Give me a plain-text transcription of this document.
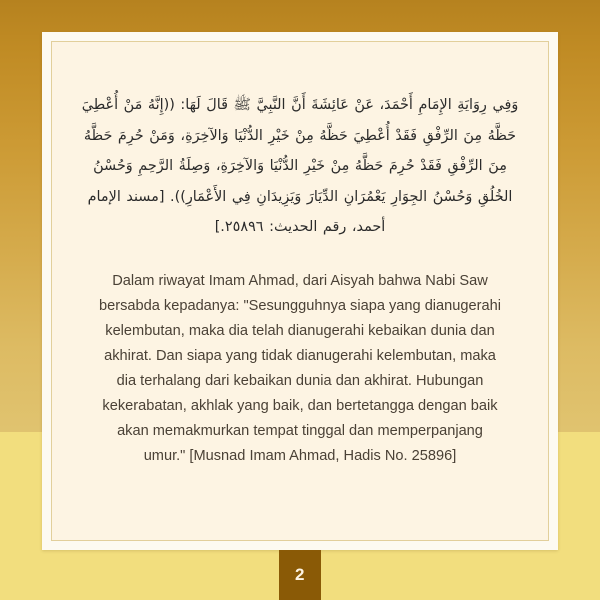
وَفِي رِوَايَةِ الإِمَامِ أَحْمَدَ، عَنْ عَائِشَةَ أَنَّ النَّبِيَّ ﷺ قَالَ لَهَا: ((إِنَّهُ مَنْ أُعْطِيَ
حَظَّهُ مِنَ الرِّفْقِ فَقَدْ أُعْطِيَ حَظَّهُ مِنْ خَيْرِ الدُّنْيَا وَالآخِرَةِ، وَمَنْ حُرِمَ حَظَّهُ
مِنَ الرِّفْقِ فَقَدْ حُرِمَ حَظَّهُ مِنْ خَيْرِ الدُّنْيَا وَالآخِرَةِ، وَصِلَةُ الرَّحِمِ وَحُسْنُ
الخُلُقِ وَحُسْنُ الجِوَارِ يَعْمُرَانِ الدِّيَارَ وَيَزِيدَانِ فِي الأَعْمَارِ)). [مسند الإمام
أحمد، رقم الحديث: ٢٥٨٩٦.]
Dalam riwayat Imam Ahmad, dari Aisyah bahwa Nabi Saw
bersabda kepadanya: "Sesungguhnya siapa yang dianugerahi
kelembutan, maka dia telah dianugerahi kebaikan dunia dan
akhirat. Dan siapa yang tidak dianugerahi kelembutan, maka
dia terhalang dari kebaikan dunia dan akhirat. Hubungan
kekerabatan, akhlak yang baik, dan bertetangga dengan baik
akan memakmurkan tempat tinggal dan memperpanjang
umur." [Musnad Imam Ahmad, Hadis No. 25896]
2
